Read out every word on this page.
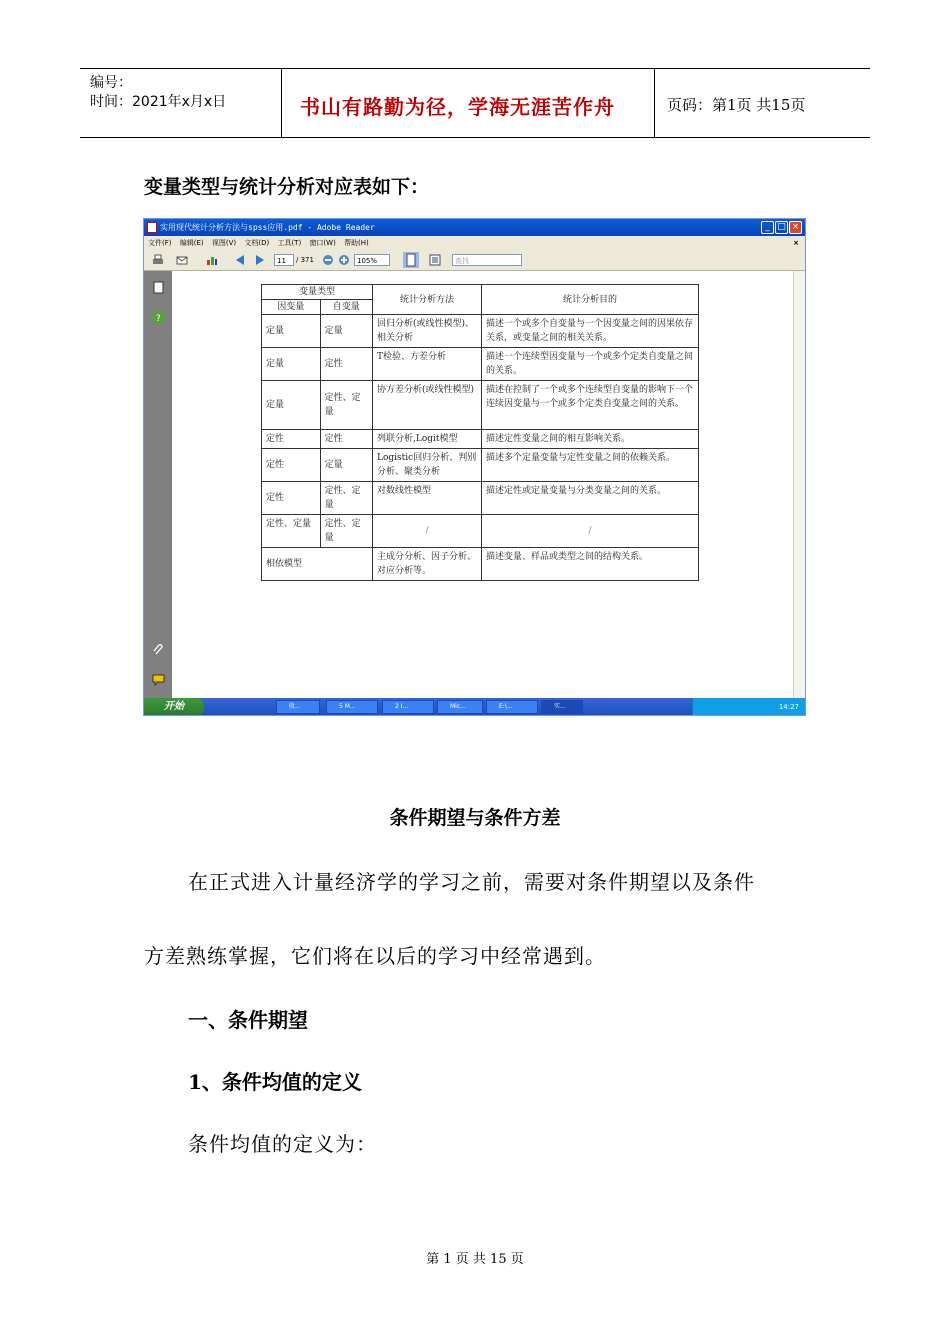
编号：
时间：2021年x月x日	书山有路勤为径，学海无涯苦作舟	页码：第1页 共15页
变量类型与统计分析对应表如下：
实用现代统计分析方法与spss应用.pdf - Adobe Reader	_ □ ×
文件(F) 编辑(E) 视图(V) 文档(D) 工具(T) 窗口(W) 帮助(H)	×
11	/ 371	105%	查找
?
变量类型		统计分析方法	统计分析目的
因变量	自变量		
定量	定量	回归分析(或线性模型)、相关分析	描述一个或多个自变量与一个因变量之间的因果依存关系，或变量之间的相关关系。
定量	定性	T检验、方差分析	描述一个连续型因变量与一个或多个定类自变量之间的关系。
定量	定性、定量	协方差分析(或线性模型)	描述在控制了一个或多个连续型自变量的影响下一个连续因变量与一个或多个定类自变量之间的关系。
定性	定性	列联分析,Logit模型	描述定性变量之间的相互影响关系。
定性	定量	Logistic回归分析、判别分析、聚类分析	描述多个定量变量与定性变量之间的依赖关系。
定性	定性、定量	对数线性模型	描述定性或定量变量与分类变量之间的关系。
定性、定量	定性、定量	/	/
相依模型		主成分分析、因子分析、对应分析等。	描述变量、样品或类型之间的结构关系。
开始	收...	5 M...	2 I...	Mic...	E:\...	实...	14:27
条件期望与条件方差
在正式进入计量经济学的学习之前，需要对条件期望以及条件
方差熟练掌握，它们将在以后的学习中经常遇到。
一、条件期望
1、条件均值的定义
条件均值的定义为：
第 1 页 共 15 页
